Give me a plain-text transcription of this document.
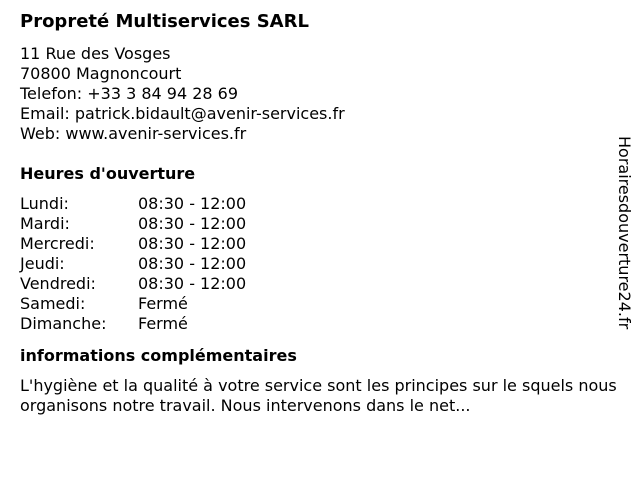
Propreté Multiservices SARL
11 Rue des Vosges
70800 Magnoncourt
Telefon: +33 3 84 94 28 69
Email: patrick.bidault@avenir-services.fr
Web: www.avenir-services.fr
Heures d'ouverture
Lundi:	08:30 - 12:00
Mardi:	08:30 - 12:00
Mercredi:	08:30 - 12:00
Jeudi:	08:30 - 12:00
Vendredi:	08:30 - 12:00
Samedi:	Fermé
Dimanche:	Fermé
informations complémentaires
L'hygiène et la qualité à votre service sont les principes sur le squels nous organisons notre travail. Nous intervenons dans le net...
Horairesdouverture24.fr
